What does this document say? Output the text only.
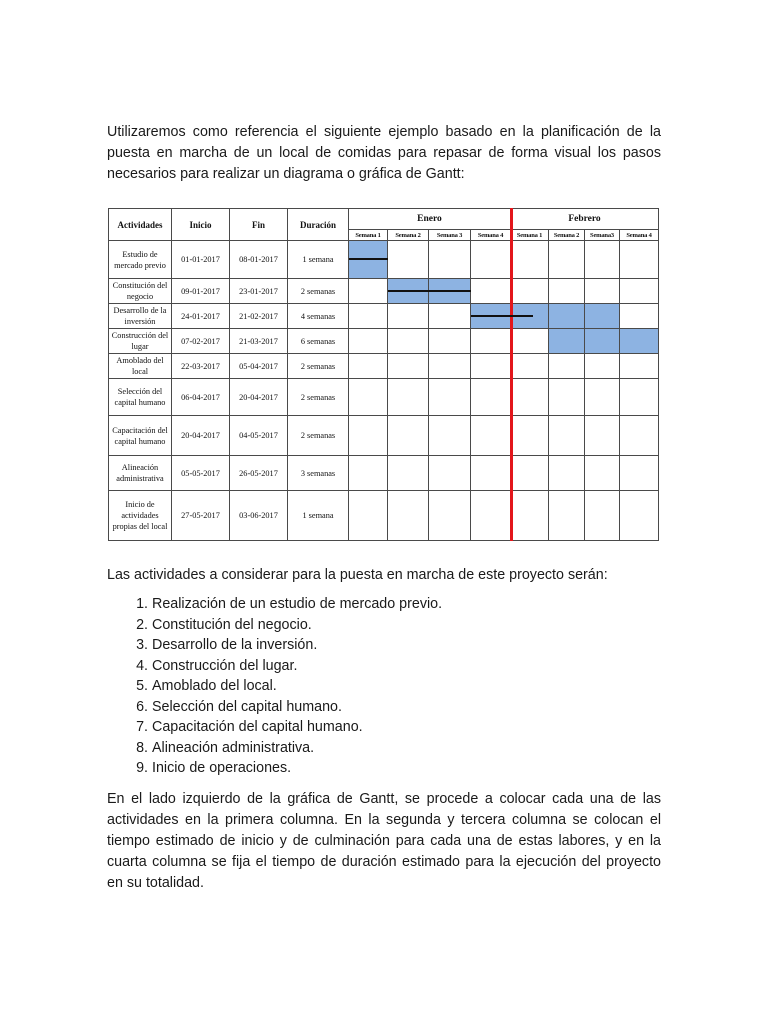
Utilizaremos como referencia el siguiente ejemplo basado en la planificación de la puesta en marcha de un local de comidas para repasar de forma visual los pasos necesarios para realizar un diagrama o gráfica de Gantt:

Actividades	Inicio	Fin	Duración	Enero				Febrero			
				Semana 1	Semana 2	Semana 3	Semana 4	Semana 1	Semana 2	Semana3	Semana 4
Estudio de mercado previo	01-01-2017	08-01-2017	1 semana								
Constitución del negocio	09-01-2017	23-01-2017	2 semanas								
Desarrollo de la inversión	24-01-2017	21-02-2017	4 semanas								
Construcción del lugar	07-02-2017	21-03-2017	6 semanas								
Amoblado del local	22-03-2017	05-04-2017	2 semanas								
Selección del capital humano	06-04-2017	20-04-2017	2 semanas								
Capacitación del capital humano	20-04-2017	04-05-2017	2 semanas								
Alineación administrativa	05-05-2017	26-05-2017	3 semanas								
Inicio de actividades propias del local	27-05-2017	03-06-2017	1 semana								

Las actividades a considerar para la puesta en marcha de este proyecto serán:

1. Realización de un estudio de mercado previo.
2. Constitución del negocio.
3. Desarrollo de la inversión.
4. Construcción del lugar.
5. Amoblado del local.
6. Selección del capital humano.
7. Capacitación del capital humano.
8. Alineación administrativa.
9. Inicio de operaciones.

En el lado izquierdo de la gráfica de Gantt, se procede a colocar cada una de las actividades en la primera columna. En la segunda y tercera columna se colocan el tiempo estimado de inicio y de culminación para cada una de estas labores, y en la cuarta columna se fija el tiempo de duración estimado para la ejecución del proyecto en su totalidad.
